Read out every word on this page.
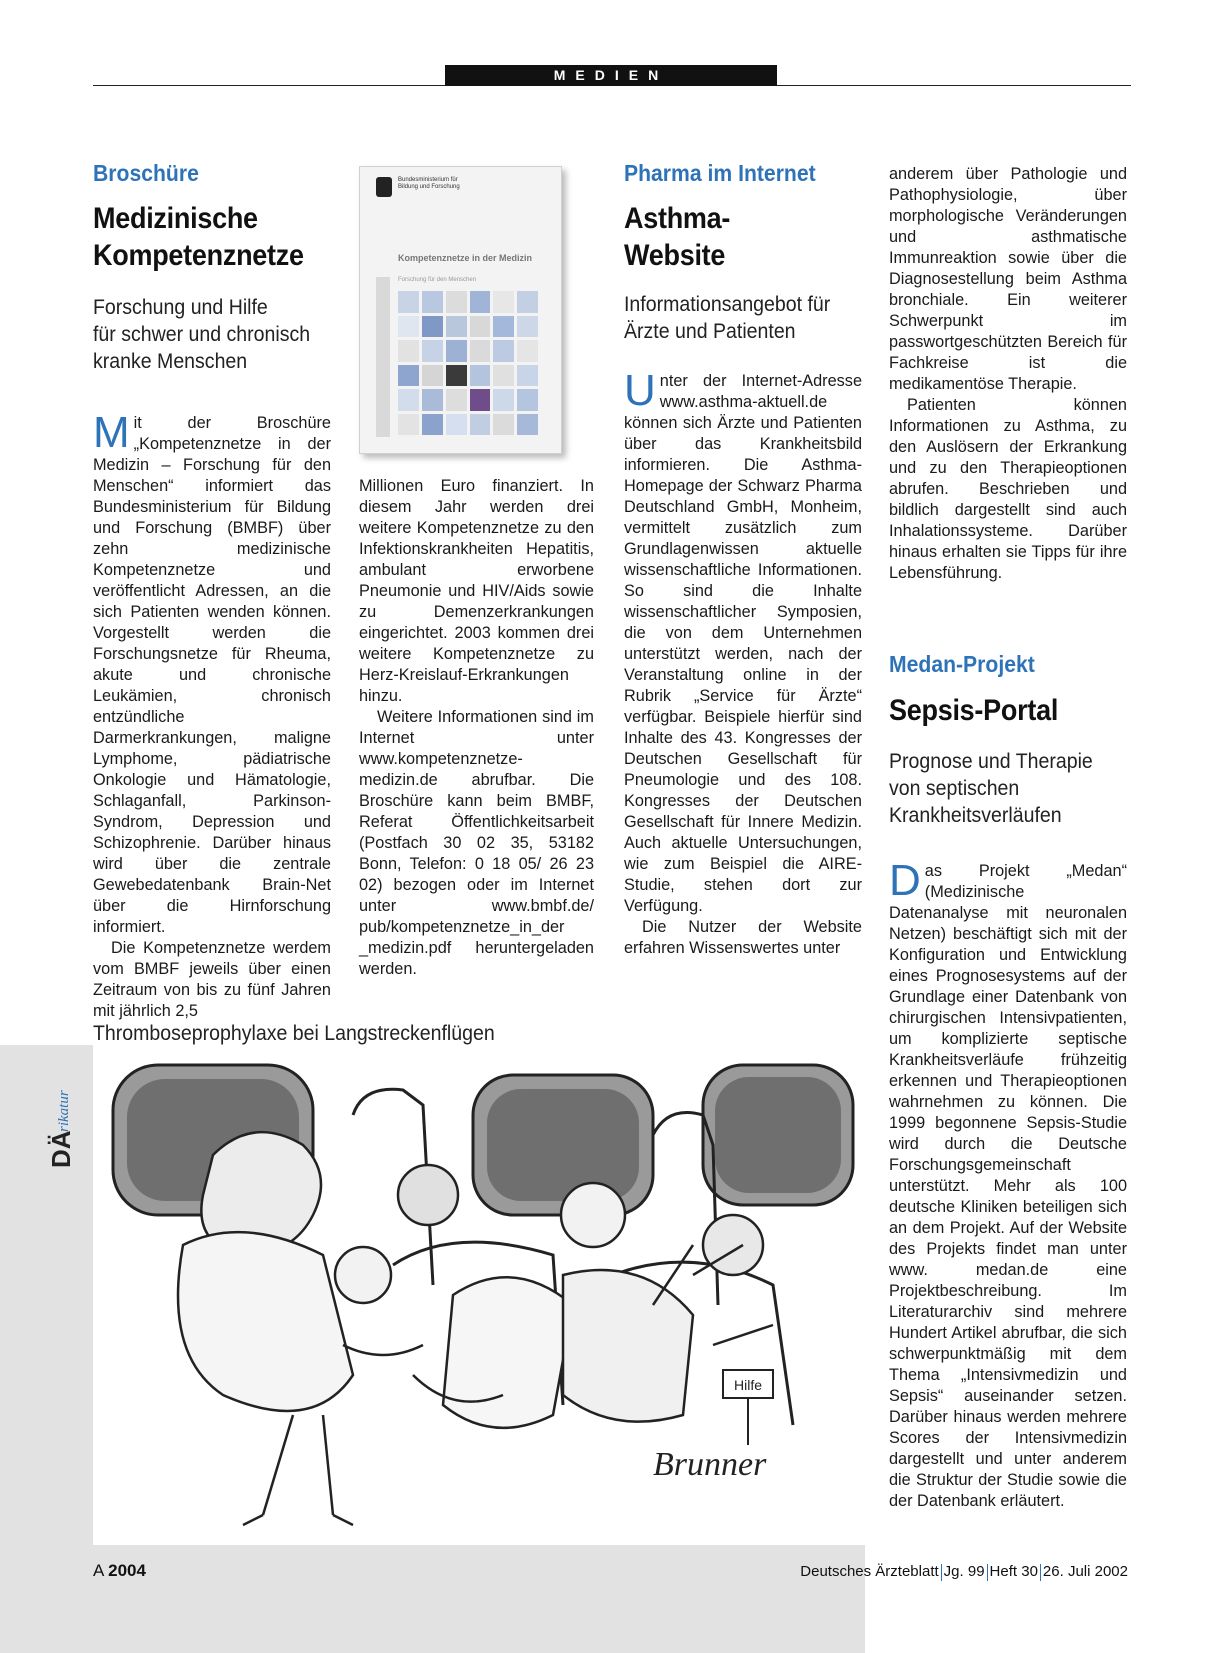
MEDIEN
Broschüre
Medizinische
Kompetenznetze
Forschung und Hilfe
für schwer und chronisch
kranke Menschen

Mit der Broschüre „Kompetenznetze in der Medizin – Forschung für den Menschen“ informiert das Bundesministerium für Bildung und Forschung (BMBF) über zehn medizinische Kompetenznetze und veröffentlicht Adressen, an die sich Patienten wenden können. Vorgestellt werden die Forschungsnetze für Rheuma, akute und chronische Leukämien, chronisch entzündliche Darmerkrankungen, maligne Lymphome, pädiatrische Onkologie und Hämatologie, Schlaganfall, Parkinson-Syndrom, Depression und Schizophrenie. Darüber hinaus wird über die zentrale Gewebedatenbank Brain-Net über die Hirnforschung informiert.

Die Kompetenznetze werdem vom BMBF jeweils über einen Zeitraum von bis zu fünf Jahren mit jährlich 2,5

Bundesministerium für Bildung und Forschung
Kompetenznetze in der Medizin
Forschung für den Menschen

Millionen Euro finanziert. In diesem Jahr werden drei weitere Kompetenznetze zu den Infektionskrankheiten Hepatitis, ambulant erworbene Pneumonie und HIV/Aids sowie zu Demenzerkrankungen eingerichtet. 2003 kommen drei weitere Kompetenznetze zu Herz-Kreislauf-Erkrankungen hinzu.

Weitere Informationen sind im Internet unter www.kompetenznetze-medizin.de abrufbar. Die Broschüre kann beim BMBF, Referat Öffentlichkeitsarbeit (Postfach 30 02 35, 53182 Bonn, Telefon: 0 18 05/ 26 23 02) bezogen oder im Internet unter www.bmbf.de/ pub/kompetenznetze_in_der _medizin.pdf heruntergeladen werden.

Pharma im Internet
Asthma-
Website
Informationsangebot für
Ärzte und Patienten

Unter der Internet-Adresse www.asthma-aktuell.de können sich Ärzte und Patienten über das Krankheitsbild informieren. Die Asthma-Homepage der Schwarz Pharma Deutschland GmbH, Monheim, vermittelt zusätzlich zum Grundlagenwissen aktuelle wissenschaftliche Informationen. So sind die Inhalte wissenschaftlicher Symposien, die von dem Unternehmen unterstützt werden, nach der Veranstaltung online in der Rubrik „Service für Ärzte“ verfügbar. Beispiele hierfür sind Inhalte des 43. Kongresses der Deutschen Gesellschaft für Pneumologie und des 108. Kongresses der Deutschen Gesellschaft für Innere Medizin. Auch aktuelle Untersuchungen, wie zum Beispiel die AIRE-Studie, stehen dort zur Verfügung.

Die Nutzer der Website erfahren Wissenswertes unter

anderem über Pathologie und Pathophysiologie, über morphologische Veränderungen und asthmatische Immunreaktion sowie über die Diagnosestellung beim Asthma bronchiale. Ein weiterer Schwerpunkt im passwortgeschützten Bereich für Fachkreise ist die medikamentöse Therapie.

Patienten können Informationen zu Asthma, zu den Auslösern der Erkrankung und zu den Therapieoptionen abrufen. Beschrieben und bildlich dargestellt sind auch Inhalationssysteme. Darüber hinaus erhalten sie Tipps für ihre Lebensführung.

Medan-Projekt
Sepsis-Portal
Prognose und Therapie
von septischen
Krankheitsverläufen

Das Projekt „Medan“ (Medizinische Datenanalyse mit neuronalen Netzen) beschäftigt sich mit der Konfiguration und Entwicklung eines Prognosesystems auf der Grundlage einer Datenbank von chirurgischen Intensivpatienten, um komplizierte septische Krankheitsverläufe frühzeitig erkennen und Therapieoptionen wahrnehmen zu können. Die 1999 begonnene Sepsis-Studie wird durch die Deutsche Forschungsgemeinschaft unterstützt. Mehr als 100 deutsche Kliniken beteiligen sich an dem Projekt. Auf der Website des Projekts findet man unter www. medan.de eine Projektbeschreibung. Im Literaturarchiv sind mehrere Hundert Artikel abrufbar, die sich schwerpunktmäßig mit dem Thema „Intensivmedizin und Sepsis“ auseinander setzen. Darüber hinaus werden mehrere Scores der Intensivmedizin dargestellt und unter anderem die Struktur der Studie sowie die der Datenbank erläutert.

Thromboseprophylaxe bei Langstreckenflügen
DÄ
rikatur
Hilfe
Brunner
A 2004	Deutsches Ärzteblatt Jg. 99 Heft 30 26. Juli 2002
